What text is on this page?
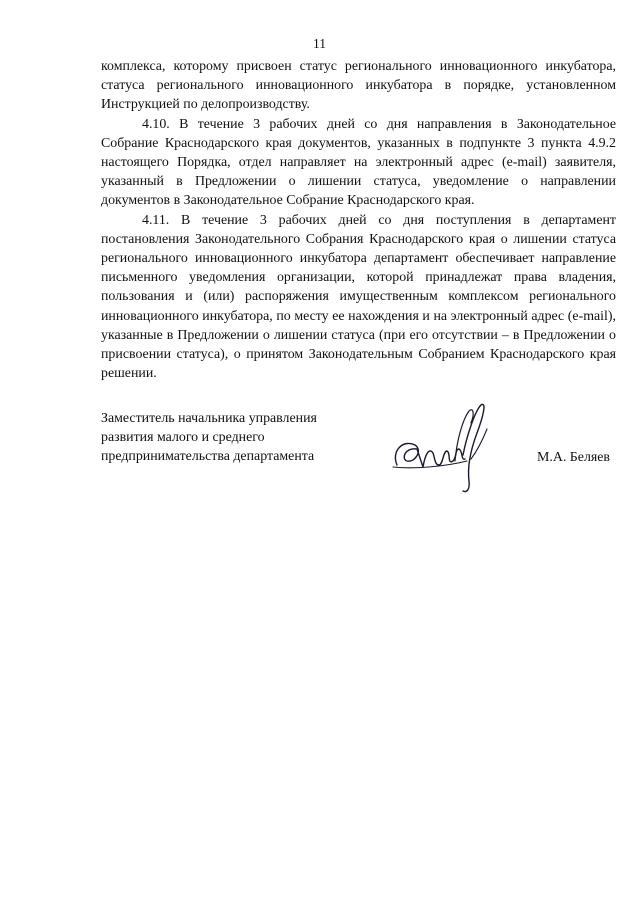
11

комплекса, которому присвоен статус регионального инновационного инкубатора, статуса регионального инновационного инкубатора в порядке, установленном Инструкцией по делопроизводству.

4.10. В течение 3 рабочих дней со дня направления в Законодательное Собрание Краснодарского края документов, указанных в подпункте 3 пункта 4.9.2 настоящего Порядка, отдел направляет на электронный адрес (e-mail) заявителя, указанный в Предложении о лишении статуса, уведомление о направлении документов в Законодательное Собрание Краснодарского края.

4.11. В течение 3 рабочих дней со дня поступления в департамент постановления Законодательного Собрания Краснодарского края о лишении статуса регионального инновационного инкубатора департамент обеспечивает направление письменного уведомления организации, которой принадлежат права владения, пользования и (или) распоряжения имущественным комплексом регионального инновационного инкубатора, по месту ее нахождения и на электронный адрес (e-mail), указанные в Предложении о лишении статуса (при его отсутствии – в Предложении о присвоении статуса), о принятом Законодательным Собранием Краснодарского края решении.

Заместитель начальника управления
развития малого и среднего
предпринимательства департамента	М.А. Беляев
